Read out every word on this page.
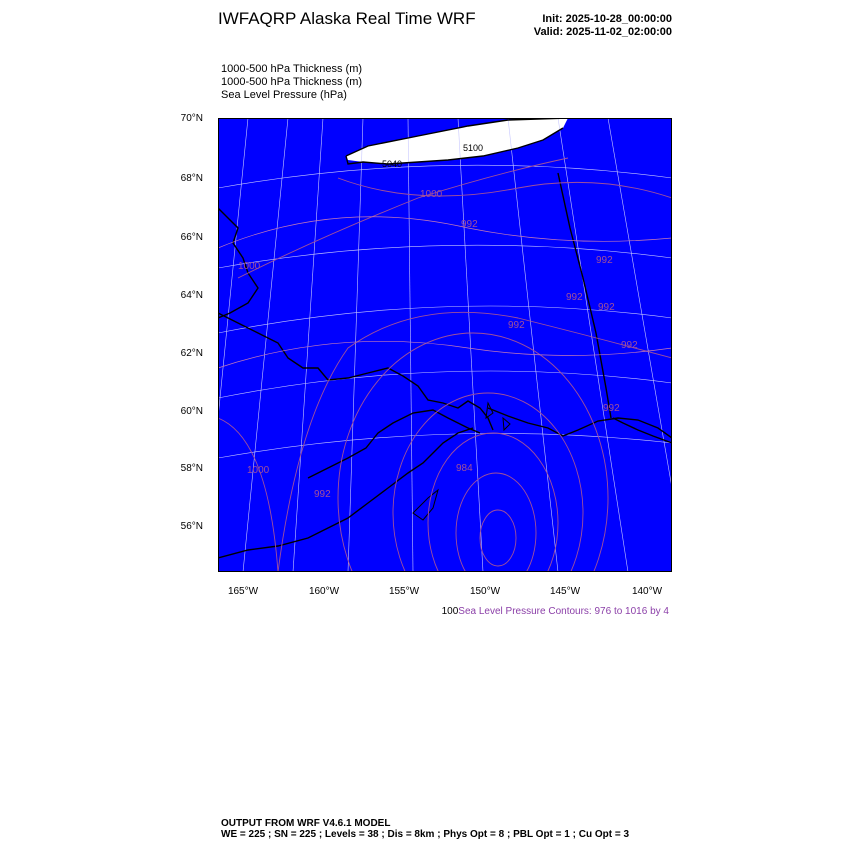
IWFAQRP Alaska Real Time WRF	Init: 2025-10-28_00:00:00
Valid: 2025-11-02_02:00:00
1000-500 hPa Thickness (m)
1000-500 hPa Thickness (m)
Sea Level Pressure (hPa)
70°N
68°N
66°N
64°N
62°N
60°N
58°N
56°N
165°W	160°W	155°W	150°W	145°W	140°W
1000
992
1000
992
992
992
992
992
992
984
1000
992
5040
5100
100Sea Level Pressure Contours: 976 to 1016 by 4
OUTPUT FROM WRF V4.6.1 MODEL
WE = 225 ; SN = 225 ; Levels = 38 ; Dis = 8km ; Phys Opt = 8 ; PBL Opt = 1 ; Cu Opt = 3
